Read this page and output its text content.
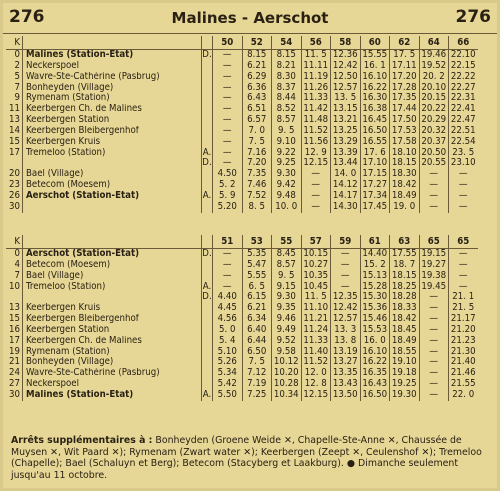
276	Malines - Aerschot	276
K			50	52	54	56	58	60	62	64	66
0	Malines (Station-Etat)	D.	—	8.15	8.15	11. 5	12.36	15.55	17. 5	19.46	22.10
2	Neckerspoel		—	6.21	8.21	11.11	12.42	16. 1	17.11	19.52	22.15
5	Wavre-Ste-Cathérine (Pasbrug)		—	6.29	8.30	11.19	12.50	16.10	17.20	20. 2	22.22
7	Bonheyden (Village)		—	6.36	8.37	11.26	12.57	16.22	17.28	20.10	22.27
9	Rymenam (Station)		—	6.43	8.44	11.33	13. 5	16.30	17.35	20.15	22.31
11	Keerbergen Ch. de Malines		—	6.51	8.52	11.42	13.15	16.38	17.44	20.22	22.41
13	Keerbergen Station		—	6.57	8.57	11.48	13.21	16.45	17.50	20.29	22.47
14	Keerbergen Bleibergenhof		—	7. 0	9. 5	11.52	13.25	16.50	17.53	20.32	22.51
15	Keerbergen Kruis		—	7. 5	9.10	11.56	13.29	16.55	17.58	20.37	22.54
17	Tremeloo (Station)	A.	—	7.16	9.22	12. 9	13.39	17. 6	18.10	20.50	23. 5
		D.	—	7.20	9.25	12.15	13.44	17.10	18.15	20.55	23.10
20	Bael (Village)		4.50	7.35	9.30	—	14. 0	17.15	18.30	—	—
23	Betecom (Moesem)		5. 2	7.46	9.42	—	14.12	17.27	18.42	—	—
26	Aerschot (Station-Etat)	A.	5. 9	7.52	9.48	—	14.17	17.34	18.49	—	—
30			5.20	8. 5	10. 0	—	14.30	17.45	19. 0	—	—
K			51	53	55	57	59	61	63	65	65
0	Aerschot (Station-Etat)	D.	—	5.35	8.45	10.15	—	14.40	17.55	19.15	—
4	Betecom (Moesem)		—	5.47	8.57	10.27	—	15. 2	18. 7	19.27	—
7	Bael (Village)		—	5.55	9. 5	10.35	—	15.13	18.15	19.38	—
10	Tremeloo (Station)	A.	—	6. 5	9.15	10.45	—	15.28	18.25	19.45	—
		D.	4.40	6.15	9.30	11. 5	12.35	15.30	18.28	—	21. 1
13	Keerbergen Kruis		4.45	6.21	9.35	11.10	12.42	15.36	18.33	—	21. 5
15	Keerbergen Bleibergenhof		4.56	6.34	9.46	11.21	12.57	15.46	18.42	—	21.17
16	Keerbergen Station		5. 0	6.40	9.49	11.24	13. 3	15.53	18.45	—	21.20
17	Keerbergen Ch. de Malines		5. 4	6.44	9.52	11.33	13. 8	16. 0	18.49	—	21.23
19	Rymenam (Station)		5.10	6.50	9.58	11.40	13.19	16.10	18.55	—	21.30
21	Bonheyden (Village)		5.26	7. 5	10.12	11.52	13.27	16.22	19.10	—	21.40
24	Wavre-Ste-Cathérine (Pasbrug)		5.34	7.12	10.20	12. 0	13.35	16.35	19.18	—	21.46
27	Neckerspoel		5.42	7.19	10.28	12. 8	13.43	16.43	19.25	—	21.55
30	Malines (Station-Etat)	A.	5.50	7.25	10.34	12.15	13.50	16.50	19.30	—	22. 0
Arrêts supplémentaires à : Bonheyden (Groene Weide ✕, Chapelle-Ste-Anne ✕, Chaussée de Muysen ✕, Wit Paard ✕); Rymenam (Zwart water ✕); Keerbergen (Zeept ✕, Ceulenshof ✕); Tremeloo (Chapelle); Bael (Schaluyn et Berg); Betecom (Stacyberg et Laakburg). ● Dimanche seulement jusqu'au 11 octobre.
